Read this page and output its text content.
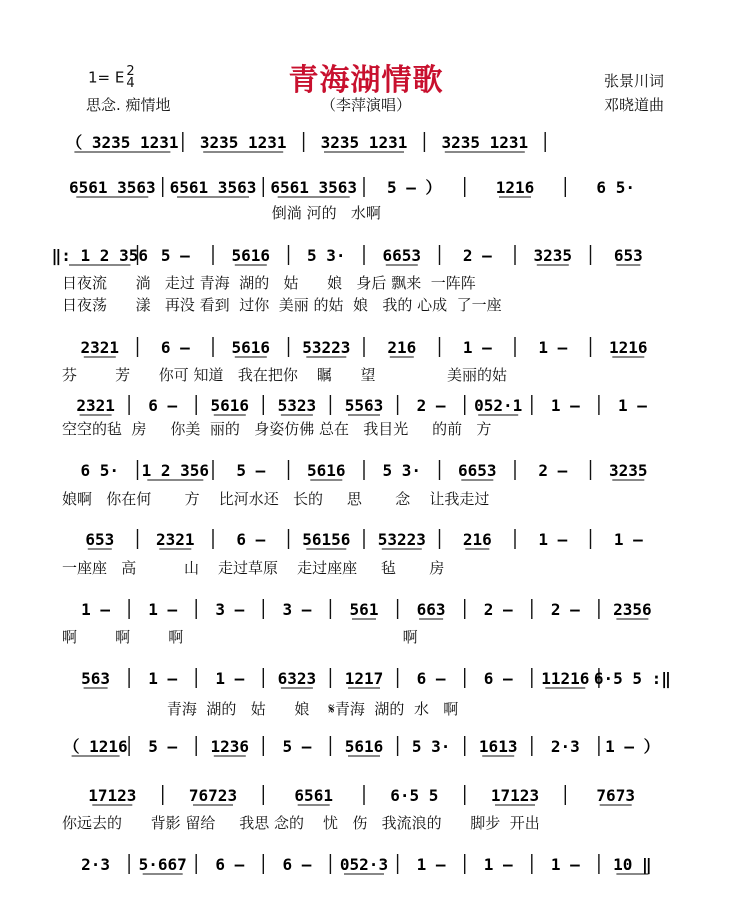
青海湖情歌
1= E 2
4
思念. 痴情地	（李萍演唱）
张景川词
邓晓道曲
（ 3235 1231 3235 1231 3235 1231 3235 1231
6561 3563 6561 3563 6561 3563 5 – ）	1216	6 5·
倒淌 河的   水啊
‖: 1 2 356 5 –	5616 5 3· 6653	2 –	3235	653
日夜流      淌   走过 青海  湖的   姑      娘   身后 飘来  一阵阵
日夜荡      漾   再没 看到  过你  美丽 的姑  娘   我的 心成  了一座
2321	6 –	5616 53223 216	1 –	1 –	1216
芬        芳      你可 知道   我在把你    瞩      望               美丽的姑
2321 6 – 5616 5323 5563 2 – 052·1 1 – 1 –
空空的毡  房     你美  丽的   身姿仿佛 总在   我目光     的前   方
6 5· 1 2 356 5 –	5616 5 3· 6653	2 –	3235
娘啊   你在何       方    比河水还   长的     思       念    让我走过
653	2321	6 – 56156 53223 216	1 –	1 –
一座座   高          山    走过草原    走过座座     毡       房
1 – 1 – 3 – 3 – 561 663 2 – 2 – 2356
啊        啊        啊                                              啊
563 1 – 1 – 6323 1217 6 – 6 – 11216 6·5 5 :‖
青海  湖的   姑      娘    𝄋青海  湖的  水   啊
（ 1216 5 – 1236 5 – 5616 5 3· 1613 2·3 1 – ）
17123	76723	6561	6·5 5	17123	7673
你远去的      背影 留给     我思 念的    忧   伤   我流浪的      脚步  开出
2·3 5·667 6 – 6 – 052·3 1 – 1 – 1 – 10 ‖
